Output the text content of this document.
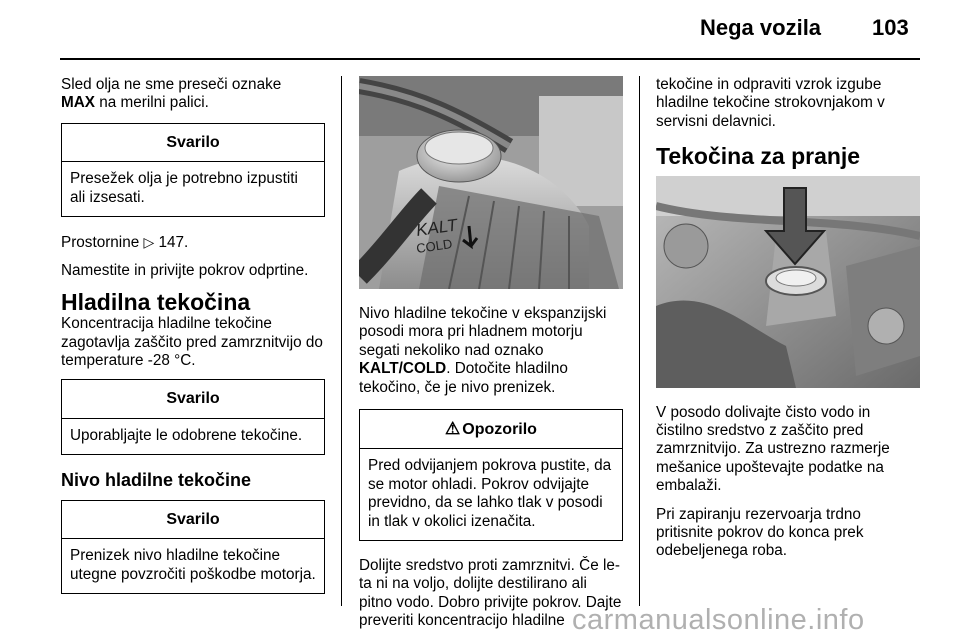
Nega vozila 103

Sled olja ne sme preseči oznake
MAX na merilni palici.

Svarilo
Presežek olja je potrebno izpustiti ali izsesati.

Prostornine ▷ 147.

Namestite in privijte pokrov odprtine.

Hladilna tekočina

Koncentracija hladilne tekočine zagotavlja zaščito pred zamrznitvijo do temperature -28 °C.

Svarilo
Uporabljajte le odobrene tekočine.
Nivo hladilne tekočine
Svarilo
Prenizek nivo hladilne tekočine utegne povzročiti poškodbe motorja.
KALT
COLD

Nivo hladilne tekočine v ekspanzijski posodi mora pri hladnem motorju segati nekoliko nad oznako
KALT/COLD. Dotočite hladilno tekočino, če je nivo prenizek.

⚠ Opozorilo
Pred odvijanjem pokrova pustite, da se motor ohladi. Pokrov odvijajte previdno, da se lahko tlak v posodi in tlak v okolici izenačita.

Dolijte sredstvo proti zamrznitvi. Če le-ta ni na voljo, dolijte destilirano ali pitno vodo. Dobro privijte pokrov. Dajte preveriti koncentracijo hladilne

tekočine in odpraviti vzrok izgube hladilne tekočine strokovnjakom v servisni delavnici.

Tekočina za pranje

V posodo dolivajte čisto vodo in čistilno sredstvo z zaščito pred zamrznitvijo. Za ustrezno razmerje mešanice upoštevajte podatke na embalaži.

Pri zapiranju rezervoarja trdno pritisnite pokrov do konca prek odebeljenega roba.

carmanualsonline.info
